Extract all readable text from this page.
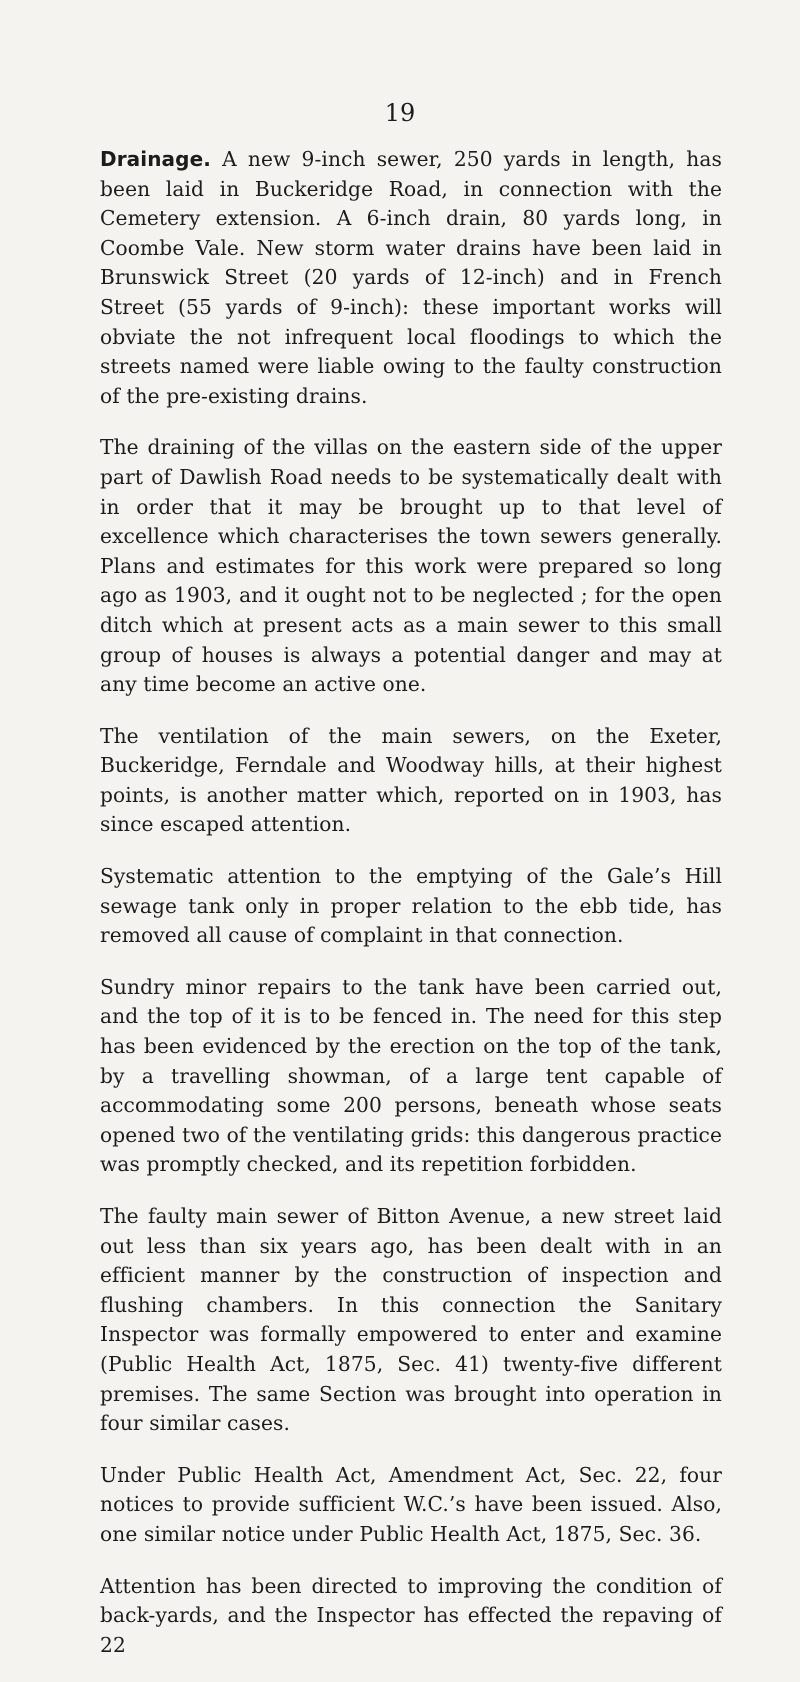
19

Drainage. A new 9-inch sewer, 250 yards in length, has been laid in Buckeridge Road, in connection with the Cemetery extension. A 6-inch drain, 80 yards long, in Coombe Vale. New storm water drains have been laid in Brunswick Street (20 yards of 12-inch) and in French Street (55 yards of 9-inch): these important works will obviate the not infrequent local floodings to which the streets named were liable owing to the faulty construction of the pre-existing drains.

The draining of the villas on the eastern side of the upper part of Dawlish Road needs to be systematically dealt with in order that it may be brought up to that level of excellence which characterises the town sewers generally. Plans and estimates for this work were prepared so long ago as 1903, and it ought not to be neglected ; for the open ditch which at present acts as a main sewer to this small group of houses is always a potential danger and may at any time become an active one.

The ventilation of the main sewers, on the Exeter, Buckeridge, Ferndale and Woodway hills, at their highest points, is another matter which, reported on in 1903, has since escaped attention.

Systematic attention to the emptying of the Gale’s Hill sewage tank only in proper relation to the ebb tide, has removed all cause of complaint in that connection.

Sundry minor repairs to the tank have been carried out, and the top of it is to be fenced in. The need for this step has been evidenced by the erection on the top of the tank, by a travelling showman, of a large tent capable of accommodating some 200 persons, beneath whose seats opened two of the ventilating grids: this dangerous practice was promptly checked, and its repetition forbidden.

The faulty main sewer of Bitton Avenue, a new street laid out less than six years ago, has been dealt with in an efficient manner by the construction of inspection and flushing chambers. In this connection the Sanitary Inspector was formally empowered to enter and examine (Public Health Act, 1875, Sec. 41) twenty-five different premises. The same Section was brought into operation in four similar cases.

Under Public Health Act, Amendment Act, Sec. 22, four notices to provide sufficient W.C.’s have been issued. Also, one similar notice under Public Health Act, 1875, Sec. 36.

Attention has been directed to improving the condition of back-yards, and the Inspector has effected the repaving of 22
